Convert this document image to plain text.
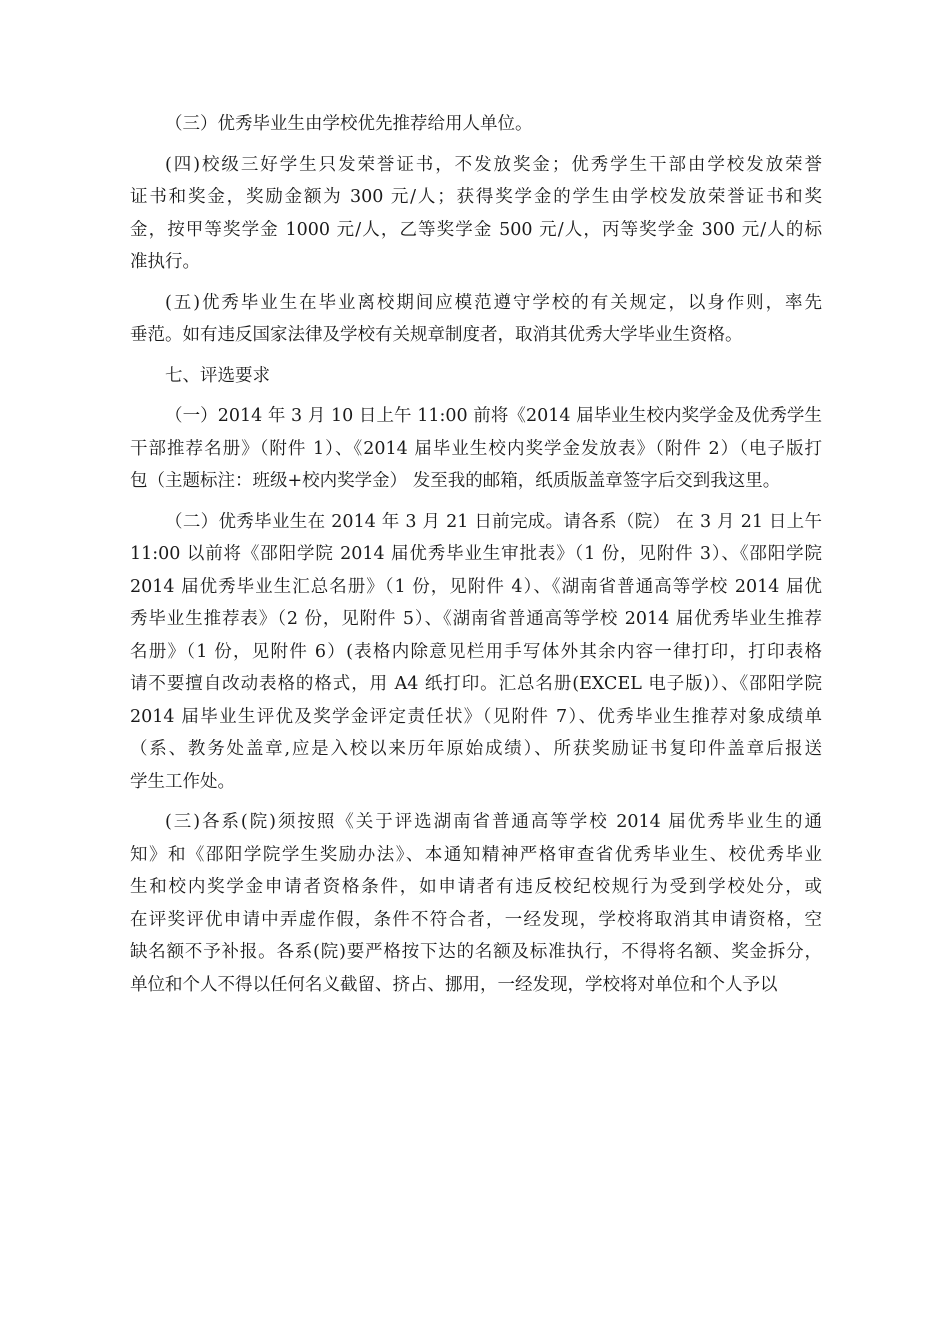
（三）优秀毕业生由学校优先推荐给用人单位。
(四)校级三好学生只发荣誉证书，不发放奖金；优秀学生干部由学校发放荣誉
证书和奖金，奖励金额为 300 元/人；获得奖学金的学生由学校发放荣誉证书和奖
金，按甲等奖学金 1000 元/人，乙等奖学金 500 元/人，丙等奖学金 300 元/人的标
准执行。
(五)优秀毕业生在毕业离校期间应模范遵守学校的有关规定，以身作则，率先
垂范。如有违反国家法律及学校有关规章制度者，取消其优秀大学毕业生资格。
七、评选要求
（一）2014 年 3 月 10 日上午 11:00 前将《2014 届毕业生校内奖学金及优秀学生
干部推荐名册》（附件 1）、《2014 届毕业生校内奖学金发放表》（附件 2）（电子版打
包（主题标注：班级+校内奖学金） 发至我的邮箱，纸质版盖章签字后交到我这里。
（二）优秀毕业生在 2014 年 3 月 21 日前完成。请各系（院） 在 3 月 21 日上午
11:00 以前将《邵阳学院 2014 届优秀毕业生审批表》（1 份，见附件 3）、《邵阳学院
2014 届优秀毕业生汇总名册》（1 份，见附件 4）、《湖南省普通高等学校 2014 届优
秀毕业生推荐表》（2 份，见附件 5）、《湖南省普通高等学校 2014 届优秀毕业生推荐
名册》（1 份，见附件 6）(表格内除意见栏用手写体外其余内容一律打印，打印表格
请不要擅自改动表格的格式，用 A4 纸打印。汇总名册(EXCEL 电子版)）、《邵阳学院
2014 届毕业生评优及奖学金评定责任状》（见附件 7）、优秀毕业生推荐对象成绩单
（系、教务处盖章,应是入校以来历年原始成绩）、所获奖励证书复印件盖章后报送
学生工作处。
(三)各系(院)须按照《关于评选湖南省普通高等学校 2014 届优秀毕业生的通
知》和《邵阳学院学生奖励办法》、本通知精神严格审查省优秀毕业生、校优秀毕业
生和校内奖学金申请者资格条件，如申请者有违反校纪校规行为受到学校处分，或
在评奖评优申请中弄虚作假，条件不符合者，一经发现，学校将取消其申请资格，空
缺名额不予补报。各系(院)要严格按下达的名额及标准执行，不得将名额、奖金拆分，
单位和个人不得以任何名义截留、挤占、挪用，一经发现，学校将对单位和个人予以
